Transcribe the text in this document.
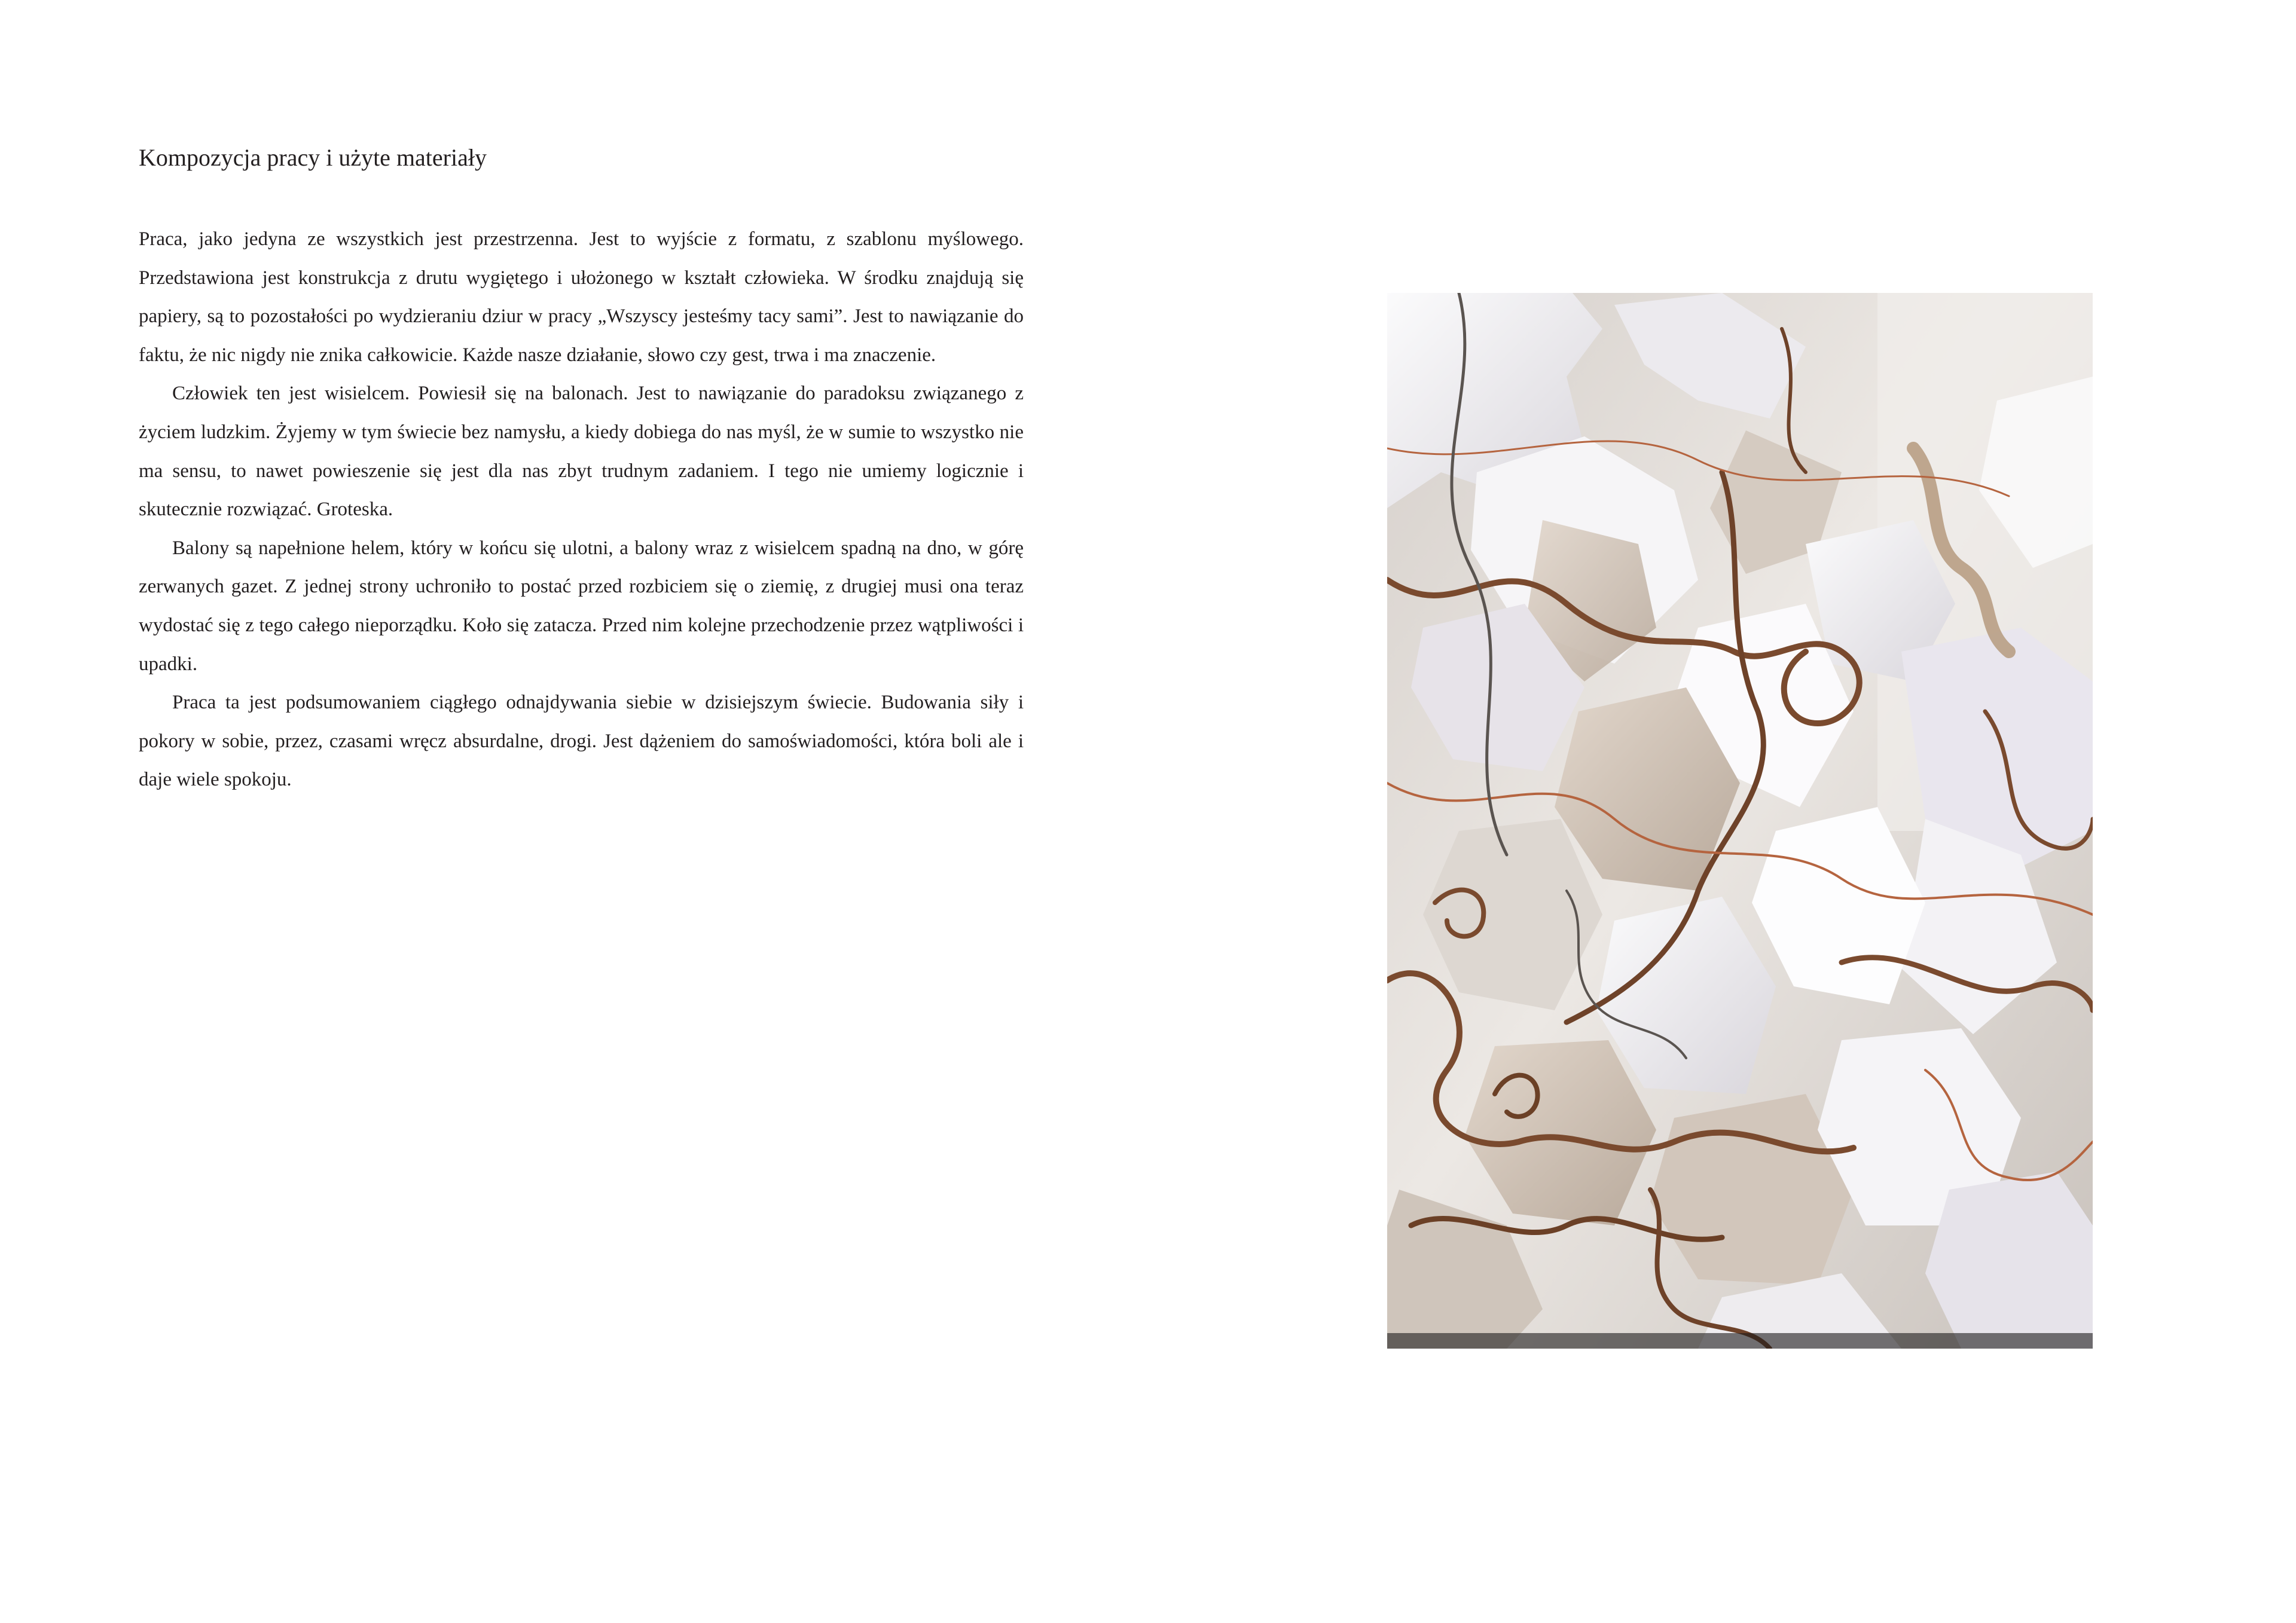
Kompozycja pracy i użyte materiały

Praca, jako jedyna ze wszystkich jest przestrzenna. Jest to wyjście z formatu, z szablonu myślowego. Przedstawiona jest konstrukcja z drutu wygiętego i ułożonego w kształt człowieka. W środku znajdują się papiery, są to pozostałości po wydzieraniu dziur w pracy „Wszyscy jesteśmy tacy sami”. Jest to nawiązanie do faktu, że nic nigdy nie znika całkowicie. Każde nasze działanie, słowo czy gest, trwa i ma znaczenie.

Człowiek ten jest wisielcem. Powiesił się na balonach. Jest to nawiązanie do paradoksu związanego z życiem ludzkim. Żyjemy w tym świecie bez namysłu, a kiedy dobiega do nas myśl, że w sumie to wszystko nie ma sensu, to nawet powieszenie się jest dla nas zbyt trudnym zadaniem. I tego nie umiemy logicznie i skutecznie rozwiązać. Groteska.

Balony są napełnione helem, który w końcu się ulotni, a balony wraz z wisielcem spadną na dno, w górę zerwanych gazet. Z jednej strony uchroniło to postać przed rozbiciem się o ziemię, z drugiej musi ona teraz wydostać się z tego całego nieporządku. Koło się zatacza. Przed nim kolejne przechodzenie przez wątpliwości i upadki.

Praca ta jest podsumowaniem ciągłego odnajdywania siebie w dzisiejszym świecie. Budowania siły i pokory w sobie, przez, czasami wręcz absurdalne, drogi. Jest dążeniem do samoświadomości, która boli ale i daje wiele spokoju.
